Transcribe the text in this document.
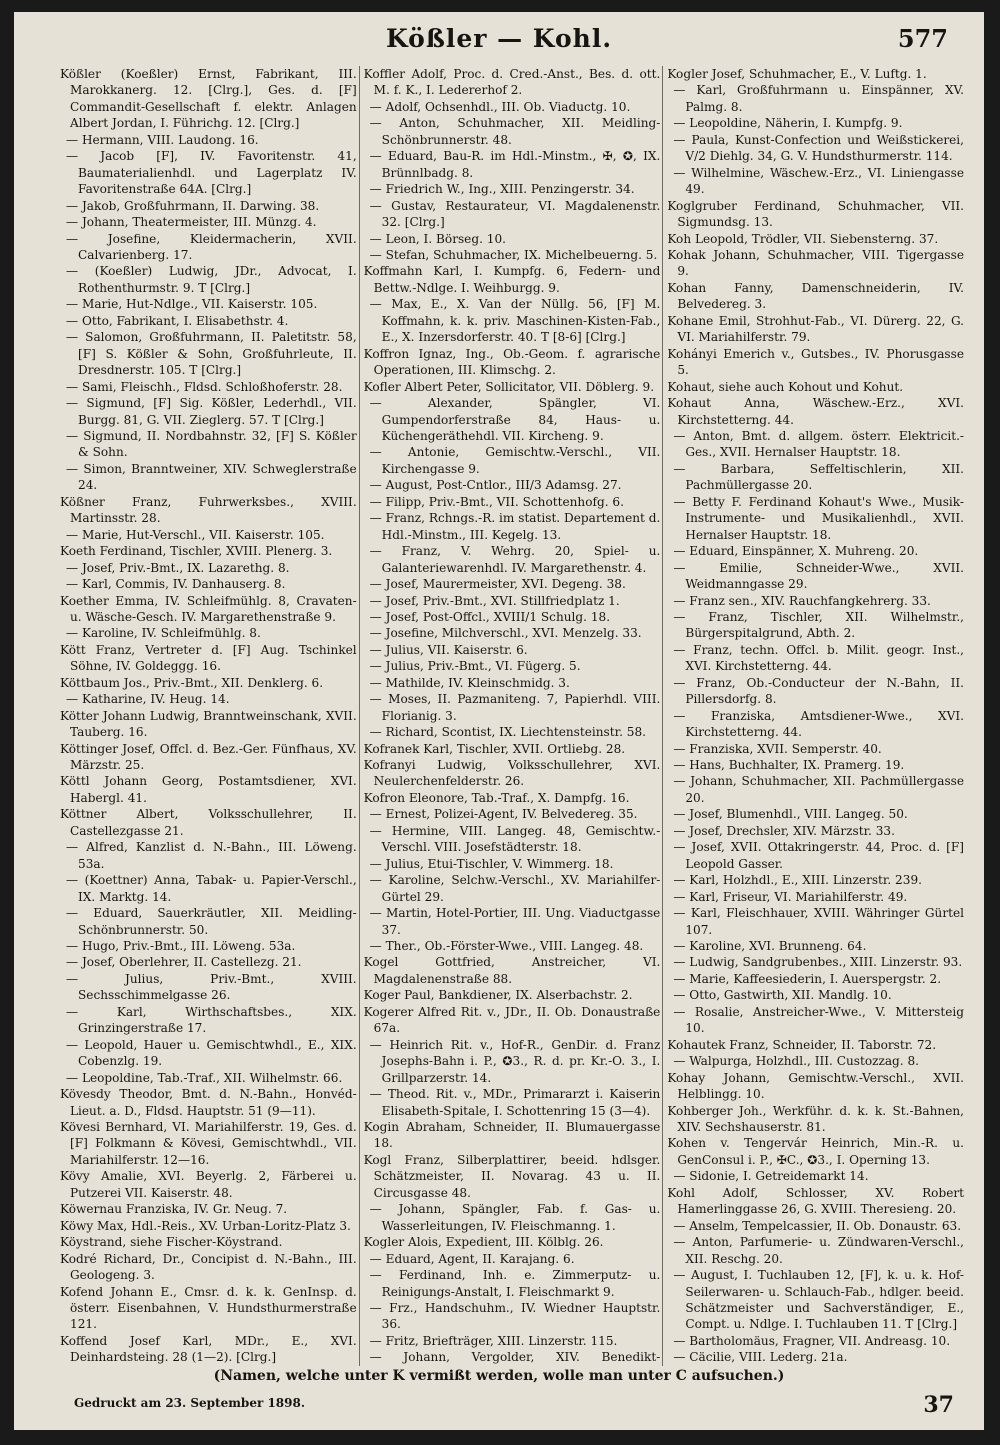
Kößler — Kohl.	577
Kößler (Koeßler) Ernst, Fabrikant, III. Marokkanerg. 12. [Clrg.], Ges. d. [F] Commandit-Gesellschaft f. elektr. Anlagen Albert Jordan, I. Führichg. 12. [Clrg.]
— Hermann, VIII. Laudong. 16.
— Jacob [F], IV. Favoritenstr. 41, Baumaterialienhdl. und Lagerplatz IV. Favoritenstraße 64A. [Clrg.]
— Jakob, Großfuhrmann, II. Darwing. 38.
— Johann, Theatermeister, III. Münzg. 4.
— Josefine, Kleidermacherin, XVII. Calvarienberg. 17.
— (Koeßler) Ludwig, JDr., Advocat, I. Rothenthurmstr. 9. T [Clrg.]
— Marie, Hut-Ndlge., VII. Kaiserstr. 105.
— Otto, Fabrikant, I. Elisabethstr. 4.
— Salomon, Großfuhrmann, II. Paletitstr. 58, [F] S. Kößler & Sohn, Großfuhrleute, II. Dresdnerstr. 105. T [Clrg.]
— Sami, Fleischh., Fldsd. Schloßhoferstr. 28.
— Sigmund, [F] Sig. Kößler, Lederhdl., VII. Burgg. 81, G. VII. Zieglerg. 57. T [Clrg.]
— Sigmund, II. Nordbahnstr. 32, [F] S. Kößler & Sohn.
— Simon, Branntweiner, XIV. Schweglerstraße 24.
Kößner Franz, Fuhrwerksbes., XVIII. Martinsstr. 28.
— Marie, Hut-Verschl., VII. Kaiserstr. 105.
Koeth Ferdinand, Tischler, XVIII. Plenerg. 3.
— Josef, Priv.-Bmt., IX. Lazarethg. 8.
— Karl, Commis, IV. Danhauserg. 8.
Koether Emma, IV. Schleifmühlg. 8, Cravaten- u. Wäsche-Gesch. IV. Margarethenstraße 9.
— Karoline, IV. Schleifmühlg. 8.
Kött Franz, Vertreter d. [F] Aug. Tschinkel Söhne, IV. Goldeggg. 16.
Köttbaum Jos., Priv.-Bmt., XII. Denklerg. 6.
— Katharine, IV. Heug. 14.
Kötter Johann Ludwig, Branntweinschank, XVII. Tauberg. 16.
Köttinger Josef, Offcl. d. Bez.-Ger. Fünfhaus, XV. Märzstr. 25.
Köttl Johann Georg, Postamtsdiener, XVI. Habergl. 41.
Köttner Albert, Volksschullehrer, II. Castellezgasse 21.
— Alfred, Kanzlist d. N.-Bahn., III. Löweng. 53a.
— (Koettner) Anna, Tabak- u. Papier-Verschl., IX. Marktg. 14.
— Eduard, Sauerkräutler, XII. Meidling-Schönbrunnerstr. 50.
— Hugo, Priv.-Bmt., III. Löweng. 53a.
— Josef, Oberlehrer, II. Castellezg. 21.
— Julius, Priv.-Bmt., XVIII. Sechsschimmelgasse 26.
— Karl, Wirthschaftsbes., XIX. Grinzingerstraße 17.
— Leopold, Hauer u. Gemischtwhdl., E., XIX. Cobenzlg. 19.
— Leopoldine, Tab.-Traf., XII. Wilhelmstr. 66.
Kövesdy Theodor, Bmt. d. N.-Bahn., Honvéd-Lieut. a. D., Fldsd. Hauptstr. 51 (9—11).
Kövesi Bernhard, VI. Mariahilferstr. 19, Ges. d. [F] Folkmann & Kövesi, Gemischtwhdl., VII. Mariahilferstr. 12—16.
Kövy Amalie, XVI. Beyerlg. 2, Färberei u. Putzerei VII. Kaiserstr. 48.
Köwernau Franziska, IV. Gr. Neug. 7.
Köwy Max, Hdl.-Reis., XV. Urban-Loritz-Platz 3.
Köystrand, siehe Fischer-Köystrand.
Kodré Richard, Dr., Concipist d. N.-Bahn., III. Geologeng. 3.
Kofend Johann E., Cmsr. d. k. k. GenInsp. d. österr. Eisenbahnen, V. Hundsthurmerstraße 121.
Koffend Josef Karl, MDr., E., XVI. Deinhardsteing. 28 (1—2). [Clrg.]
Koffler Adolf, Proc. d. Cred.-Anst., Bes. d. ott. M. f. K., I. Ledererhof 2.
— Adolf, Ochsenhdl., III. Ob. Viaductg. 10.
— Anton, Schuhmacher, XII. Meidling-Schönbrunnerstr. 48.
— Eduard, Bau-R. im Hdl.-Minstm., ✠, ✪, IX. Brünnlbadg. 8.
— Friedrich W., Ing., XIII. Penzingerstr. 34.
— Gustav, Restaurateur, VI. Magdalenenstr. 32. [Clrg.]
— Leon, I. Börseg. 10.
— Stefan, Schuhmacher, IX. Michelbeuerng. 5.
Koffmahn Karl, I. Kumpfg. 6, Federn- und Bettw.-Ndlge. I. Weihburgg. 9.
— Max, E., X. Van der Nüllg. 56, [F] M. Koffmahn, k. k. priv. Maschinen-Kisten-Fab., E., X. Inzersdorferstr. 40. T [8-6] [Clrg.]
Koffron Ignaz, Ing., Ob.-Geom. f. agrarische Operationen, III. Klimschg. 2.
Kofler Albert Peter, Sollicitator, VII. Döblerg. 9.
— Alexander, Spängler, VI. Gumpendorferstraße 84, Haus- u. Küchengeräthehdl. VII. Kircheng. 9.
— Antonie, Gemischtw.-Verschl., VII. Kirchengasse 9.
— August, Post-Cntlor., III/3 Adamsg. 27.
— Filipp, Priv.-Bmt., VII. Schottenhofg. 6.
— Franz, Rchngs.-R. im statist. Departement d. Hdl.-Minstm., III. Kegelg. 13.
— Franz, V. Wehrg. 20, Spiel- u. Galanteriewarenhdl. IV. Margarethenstr. 4.
— Josef, Maurermeister, XVI. Degeng. 38.
— Josef, Priv.-Bmt., XVI. Stillfriedplatz 1.
— Josef, Post-Offcl., XVIII/1 Schulg. 18.
— Josefine, Milchverschl., XVI. Menzelg. 33.
— Julius, VII. Kaiserstr. 6.
— Julius, Priv.-Bmt., VI. Fügerg. 5.
— Mathilde, IV. Kleinschmidg. 3.
— Moses, II. Pazmaniteng. 7, Papierhdl. VIII. Florianig. 3.
— Richard, Scontist, IX. Liechtensteinstr. 58.
Kofranek Karl, Tischler, XVII. Ortliebg. 28.
Kofranyi Ludwig, Volksschullehrer, XVI. Neulerchenfelderstr. 26.
Kofron Eleonore, Tab.-Traf., X. Dampfg. 16.
— Ernest, Polizei-Agent, IV. Belvedereg. 35.
— Hermine, VIII. Langeg. 48, Gemischtw.-Verschl. VIII. Josefstädterstr. 18.
— Julius, Etui-Tischler, V. Wimmerg. 18.
— Karoline, Selchw.-Verschl., XV. Mariahilfer-Gürtel 29.
— Martin, Hotel-Portier, III. Ung. Viaductgasse 37.
— Ther., Ob.-Förster-Wwe., VIII. Langeg. 48.
Kogel Gottfried, Anstreicher, VI. Magdalenenstraße 88.
Koger Paul, Bankdiener, IX. Alserbachstr. 2.
Kogerer Alfred Rit. v., JDr., II. Ob. Donaustraße 67a.
— Heinrich Rit. v., Hof-R., GenDir. d. Franz Josephs-Bahn i. P., ✪3., R. d. pr. Kr.-O. 3., I. Grillparzerstr. 14.
— Theod. Rit. v., MDr., Primararzt i. Kaiserin Elisabeth-Spitale, I. Schottenring 15 (3—4).
Kogin Abraham, Schneider, II. Blumauergasse 18.
Kogl Franz, Silberplattirer, beeid. hdlsger. Schätzmeister, II. Novarag. 43 u. II. Circusgasse 48.
— Johann, Spängler, Fab. f. Gas- u. Wasserleitungen, IV. Fleischmanng. 1.
Kogler Alois, Expedient, III. Kölblg. 26.
— Eduard, Agent, II. Karajang. 6.
— Ferdinand, Inh. e. Zimmerputz- u. Reinigungs-Anstalt, I. Fleischmarkt 9.
— Frz., Handschuhm., IV. Wiedner Hauptstr. 36.
— Fritz, Briefträger, XIII. Linzerstr. 115.
— Johann, Vergolder, XIV. Benedikt-
Kogler Josef, Schuhmacher, E., V. Luftg. 1.
— Karl, Großfuhrmann u. Einspänner, XV. Palmg. 8.
— Leopoldine, Näherin, I. Kumpfg. 9.
— Paula, Kunst-Confection und Weißstickerei, V/2 Diehlg. 34, G. V. Hundsthurmerstr. 114.
— Wilhelmine, Wäschew.-Erz., VI. Liniengasse 49.
Koglgruber Ferdinand, Schuhmacher, VII. Sigmundsg. 13.
Koh Leopold, Trödler, VII. Siebensterng. 37.
Kohak Johann, Schuhmacher, VIII. Tigergasse 9.
Kohan Fanny, Damenschneiderin, IV. Belvedereg. 3.
Kohane Emil, Strohhut-Fab., VI. Dürerg. 22, G. VI. Mariahilferstr. 79.
Kohányi Emerich v., Gutsbes., IV. Phorusgasse 5.
Kohaut, siehe auch Kohout und Kohut.
Kohaut Anna, Wäschew.-Erz., XVI. Kirchstetterng. 44.
— Anton, Bmt. d. allgem. österr. Elektricit.-Ges., XVII. Hernalser Hauptstr. 18.
— Barbara, Seffeltischlerin, XII. Pachmüllergasse 20.
— Betty F. Ferdinand Kohaut's Wwe., Musik-Instrumente- und Musikalienhdl., XVII. Hernalser Hauptstr. 18.
— Eduard, Einspänner, X. Muhreng. 20.
— Emilie, Schneider-Wwe., XVII. Weidmanngasse 29.
— Franz sen., XIV. Rauchfangkehrerg. 33.
— Franz, Tischler, XII. Wilhelmstr., Bürgerspitalgrund, Abth. 2.
— Franz, techn. Offcl. b. Milit. geogr. Inst., XVI. Kirchstetterng. 44.
— Franz, Ob.-Conducteur der N.-Bahn, II. Pillersdorfg. 8.
— Franziska, Amtsdiener-Wwe., XVI. Kirchstetterng. 44.
— Franziska, XVII. Semperstr. 40.
— Hans, Buchhalter, IX. Pramerg. 19.
— Johann, Schuhmacher, XII. Pachmüllergasse 20.
— Josef, Blumenhdl., VIII. Langeg. 50.
— Josef, Drechsler, XIV. Märzstr. 33.
— Josef, XVII. Ottakringerstr. 44, Proc. d. [F] Leopold Gasser.
— Karl, Holzhdl., E., XIII. Linzerstr. 239.
— Karl, Friseur, VI. Mariahilferstr. 49.
— Karl, Fleischhauer, XVIII. Währinger Gürtel 107.
— Karoline, XVI. Brunneng. 64.
— Ludwig, Sandgrubenbes., XIII. Linzerstr. 93.
— Marie, Kaffeesiederin, I. Auerspergstr. 2.
— Otto, Gastwirth, XII. Mandlg. 10.
— Rosalie, Anstreicher-Wwe., V. Mittersteig 10.
Kohautek Franz, Schneider, II. Taborstr. 72.
— Walpurga, Holzhdl., III. Custozzag. 8.
Kohay Johann, Gemischtw.-Verschl., XVII. Helblingg. 10.
Kohberger Joh., Werkführ. d. k. k. St.-Bahnen, XIV. Sechshauserstr. 81.
Kohen v. Tengervár Heinrich, Min.-R. u. GenConsul i. P., ✠C., ✪3., I. Operning 13.
— Sidonie, I. Getreidemarkt 14.
Kohl Adolf, Schlosser, XV. Robert Hamerlinggasse 26, G. XVIII. Theresieng. 20.
— Anselm, Tempelcassier, II. Ob. Donaustr. 63.
— Anton, Parfumerie- u. Zündwaren-Verschl., XII. Reschg. 20.
— August, I. Tuchlauben 12, [F], k. u. k. Hof-Seilerwaren- u. Schlauch-Fab., hdlger. beeid. Schätzmeister und Sachverständiger, E., Compt. u. Ndlge. I. Tuchlauben 11. T [Clrg.]
— Bartholomäus, Fragner, VII. Andreasg. 10.
— Cäcilie, VIII. Lederg. 21a.
(Namen, welche unter K vermißt werden, wolle man unter C aufsuchen.)
Gedruckt am 23. September 1898.	37
